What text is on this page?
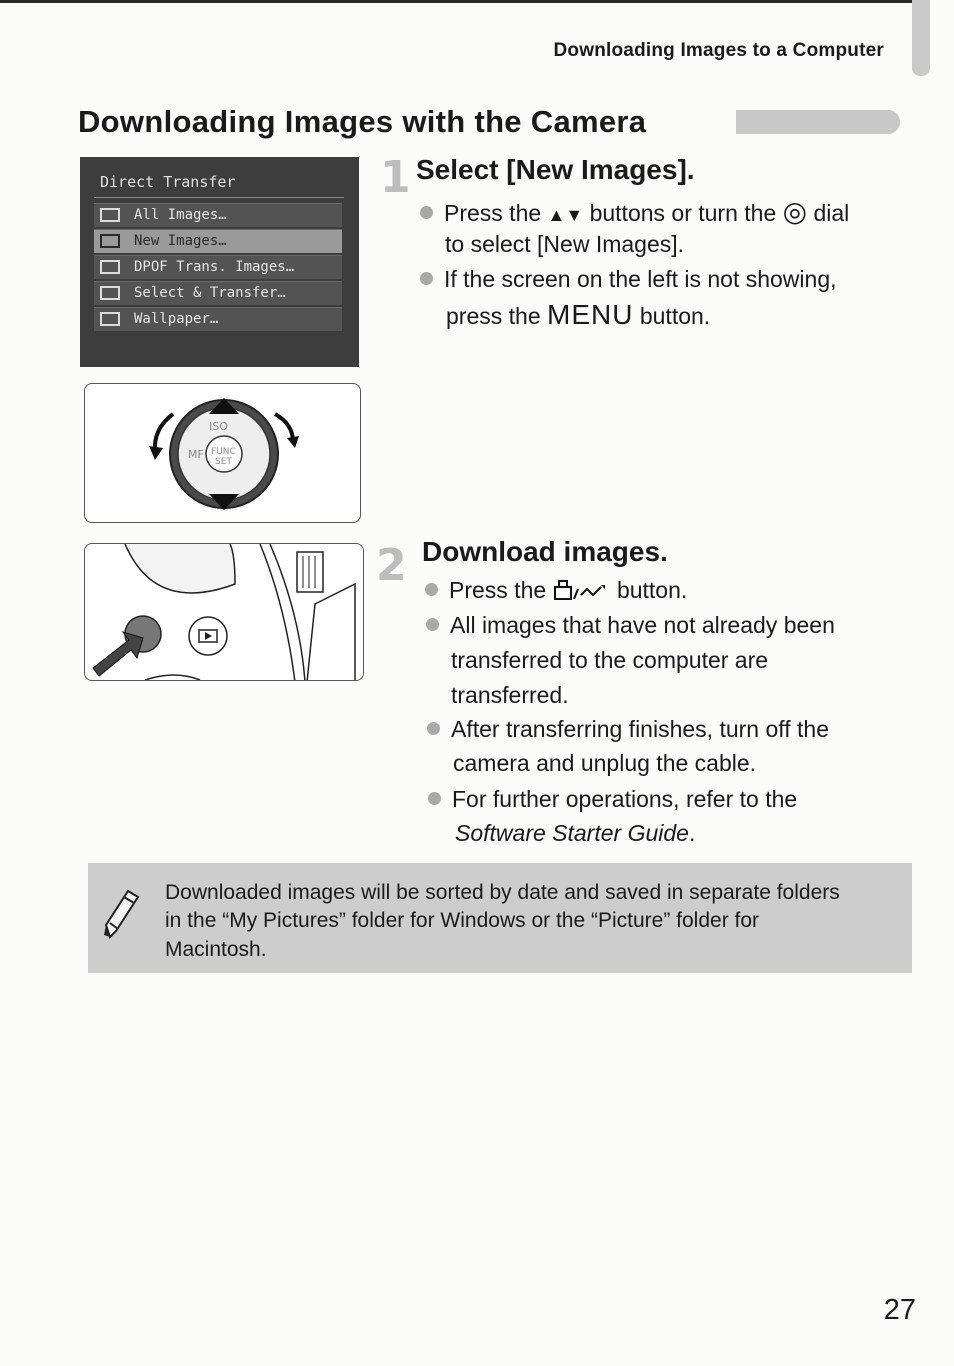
Downloading Images to a Computer
Downloading Images with the Camera
Direct Transfer
All Images…
New Images…
DPOF Trans. Images…
Select & Transfer…
Wallpaper…
ISO
MF FUNC
SET
1 Select [New Images].
Press the ▲▼ buttons or turn the ◎ dial
to select [New Images].
If the screen on the left is not showing,
press the MENU button.
2 Download images.
Press the	button.
All images that have not already been
transferred to the computer are
transferred.
After transferring finishes, turn off the
camera and unplug the cable.
For further operations, refer to the
Software Starter Guide.
Downloaded images will be sorted by date and saved in separate folders
in the “My Pictures” folder for Windows or the “Picture” folder for
Macintosh.
27
